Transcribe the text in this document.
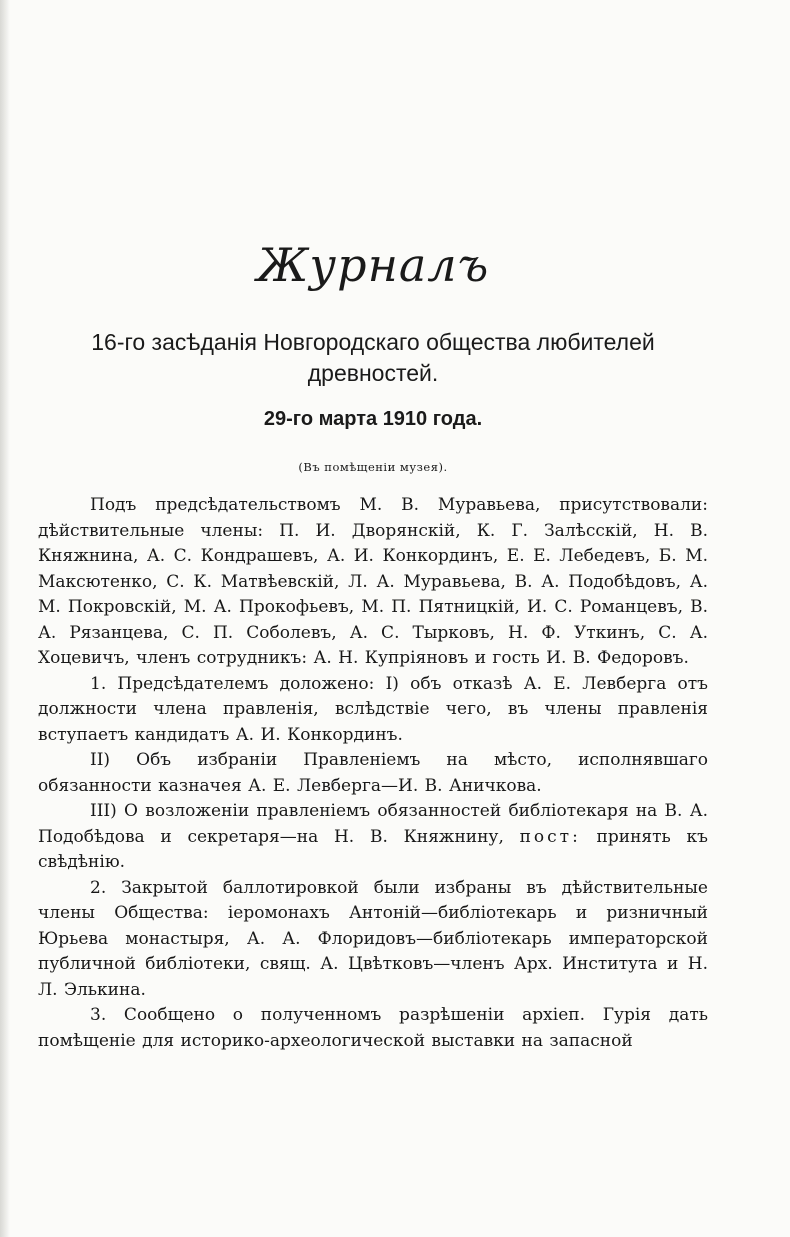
Журналъ
16-го засѣданія Новгородскаго общества любителей
древностей.
29-го марта 1910 года.
(Въ помѣщеніи музея).

Подъ предсѣдательствомъ М. В. Муравьева, присутствовали: дѣйствительные члены: П. И. Дворянскій, К. Г. Залѣсскій, Н. В. Княжнина, А. С. Кондрашевъ, А. И. Конкординъ, Е. Е. Лебедевъ, Б. М. Максютенко, С. К. Матвѣевскій, Л. А. Муравьева, В. А. Подобѣдовъ, А. М. Покровскій, М. А. Прокофьевъ, М. П. Пятницкій, И. С. Романцевъ, В. А. Рязанцева, С. П. Соболевъ, А. С. Тырковъ, Н. Ф. Уткинъ, С. А. Хоцевичъ, членъ сотрудникъ: А. Н. Купріяновъ и гость И. В. Федоровъ.

1. Предсѣдателемъ доложено: I) объ отказѣ А. Е. Левберга отъ должности члена правленія, вслѣдствіе чего, въ члены правленія вступаетъ кандидатъ А. И. Конкординъ.

II) Объ избраніи Правленіемъ на мѣсто, исполнявшаго обязанности казначея А. Е. Левберга—И. В. Аничкова.

III) О возложеніи правленіемъ обязанностей библіотекаря на В. А. Подобѣдова и секретаря—на Н. В. Княжнину, пост: принять къ свѣдѣнію.

2. Закрытой баллотировкой были избраны въ дѣйствительные члены Общества: іеромонахъ Антоній—библіотекарь и ризничный Юрьева монастыря, А. А. Флоридовъ—библіотекарь императорской публичной библіотеки, свящ. А. Цвѣтковъ—членъ Арх. Института и Н. Л. Элькина.

3. Сообщено о полученномъ разрѣшеніи архіеп. Гурія дать помѣщеніе для историко-археологической выставки на запасной
